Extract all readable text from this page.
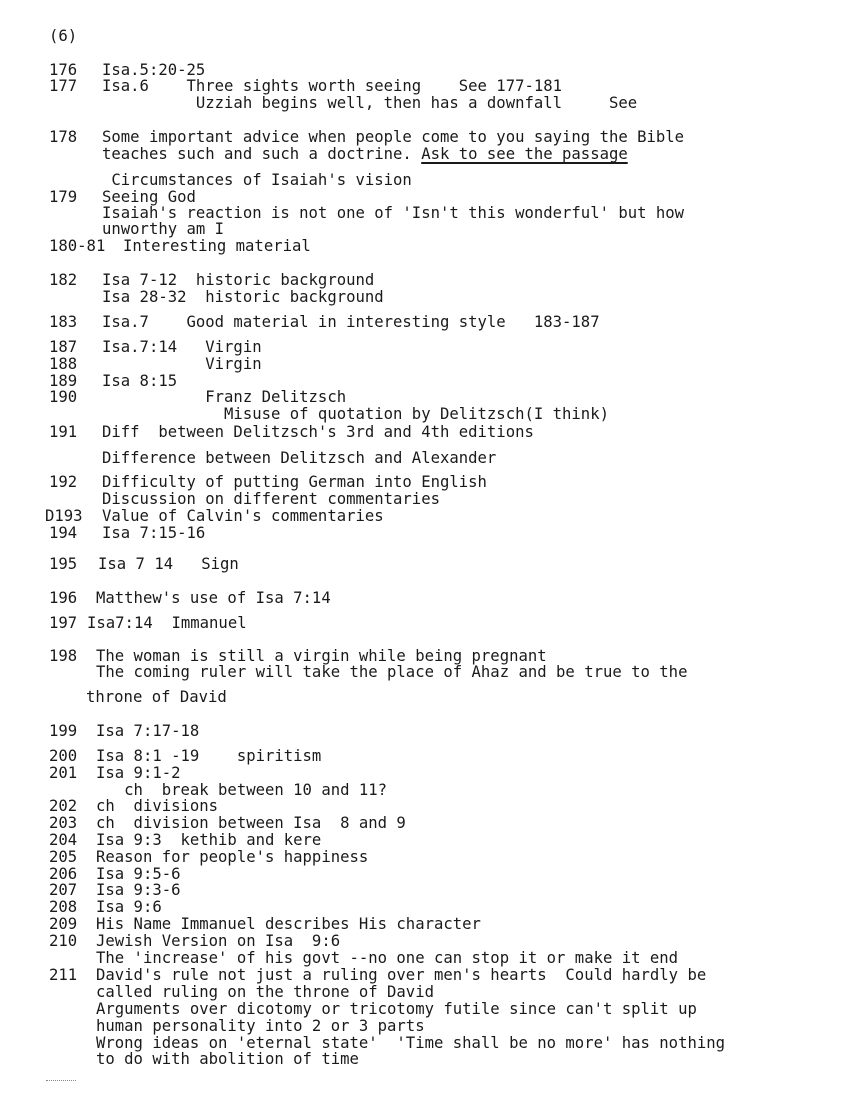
(6)
176 Isa.5:20-25
177 Isa.6    Three sights worth seeing    See 177-181
Uzziah begins well, then has a downfall     See
178 Some important advice when people come to you saying the Bible
teaches such and such a doctrine. Ask to see the passage
Circumstances of Isaiah's vision
179 Seeing God
Isaiah's reaction is not one of 'Isn't this wonderful' but how
unworthy am I
180-81 Interesting material
182 Isa 7-12  historic background
Isa 28-32  historic background
183 Isa.7    Good material in interesting style   183-187
187 Isa.7:14   Virgin
188 Virgin
189 Isa 8:15
190 Franz Delitzsch
Misuse of quotation by Delitzsch(I think)
191 Diff  between Delitzsch's 3rd and 4th editions
Difference between Delitzsch and Alexander
192 Difficulty of putting German into English
Discussion on different commentaries
D193 Value of Calvin's commentaries
194 Isa 7:15-16
195 Isa 7 14   Sign
196 Matthew's use of Isa 7:14
197 Isa7:14  Immanuel
198 The woman is still a virgin while being pregnant
The coming ruler will take the place of Ahaz and be true to the
throne of David
199 Isa 7:17-18
200 Isa 8:1 -19    spiritism
201 Isa 9:1-2
ch  break between 10 and 11?
202 ch  divisions
203 ch  division between Isa  8 and 9
204 Isa 9:3  kethib and kere
205 Reason for people's happiness
206 Isa 9:5-6
207 Isa 9:3-6
208 Isa 9:6
209 His Name Immanuel describes His character
210 Jewish Version on Isa  9:6
The 'increase' of his govt --no one can stop it or make it end
211 David's rule not just a ruling over men's hearts  Could hardly be
called ruling on the throne of David
Arguments over dicotomy or tricotomy futile since can't split up
human personality into 2 or 3 parts
Wrong ideas on 'eternal state'  'Time shall be no more' has nothing
to do with abolition of time
